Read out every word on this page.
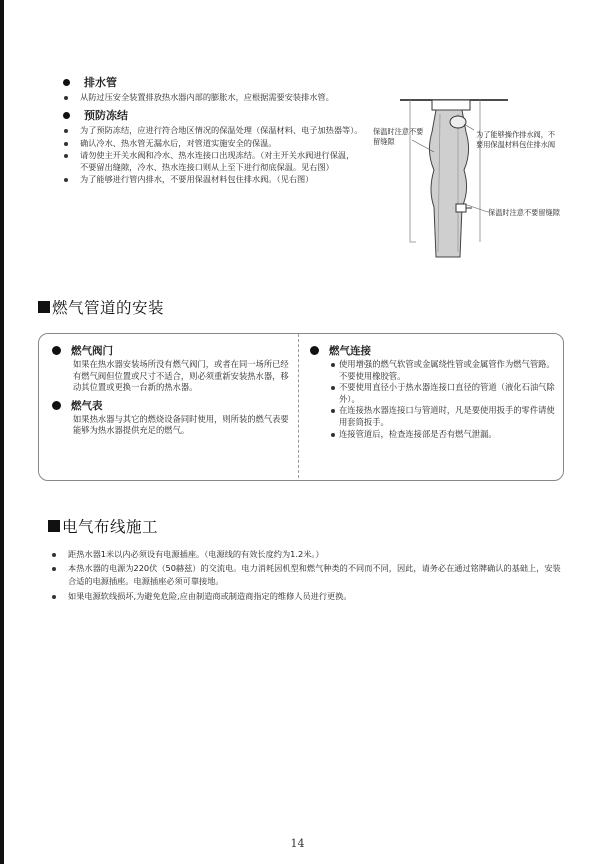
排水管
从防过压安全装置排放热水器内部的膨胀水，应根据需要安装排水管。
预防冻结
为了预防冻结，应进行符合地区情况的保温处理（保温材料、电子加热器等）。
确认冷水、热水管无漏水后，对管道实施安全的保温。
请勿使主开关水阀和冷水、热水连接口出现冻结。（对主开关水阀进行保温，不要留出缝隙，冷水、热水连接口则从上至下进行彻底保温。见右图）
为了能够进行管内排水，不要用保温材料包住排水阀。（见右图）
保温时注意不要留缝隙
为了能够操作排水阀，不要用保温材料包住排水阀
保温时注意不要留缝隙
燃气管道的安装
燃气阀门
如果在热水器安装场所没有燃气阀门，或者在同一场所已经有燃气阀但位置或尺寸不适合，则必须重新安装热水器，移动其位置或更换一台新的热水器。
燃气表
如果热水器与其它的燃烧设备同时使用，则所装的燃气表要能够为热水器提供充足的燃气。
燃气连接
使用增强的燃气软管或金属绕性管或金属管作为燃气管路。不要使用橡胶管。
不要使用直径小于热水器连接口直径的管道（液化石油气除外）。
在连接热水器连接口与管道时，凡是要使用扳手的零件请使用套筒扳手。
连接管道后，检查连接部是否有燃气泄漏。
电气布线施工
距热水器1米以内必须设有电源插座。（电源线的有效长度约为1.2米。）
本热水器的电源为220伏（50赫兹）的交流电。电力消耗因机型和燃气种类的不同而不同，因此，请务必在通过铭牌确认的基础上，安装合适的电源插座。电源插座必须可靠接地。
如果电源软线损坏,为避免危险,应由制造商或制造商指定的维修人员进行更换。
14
